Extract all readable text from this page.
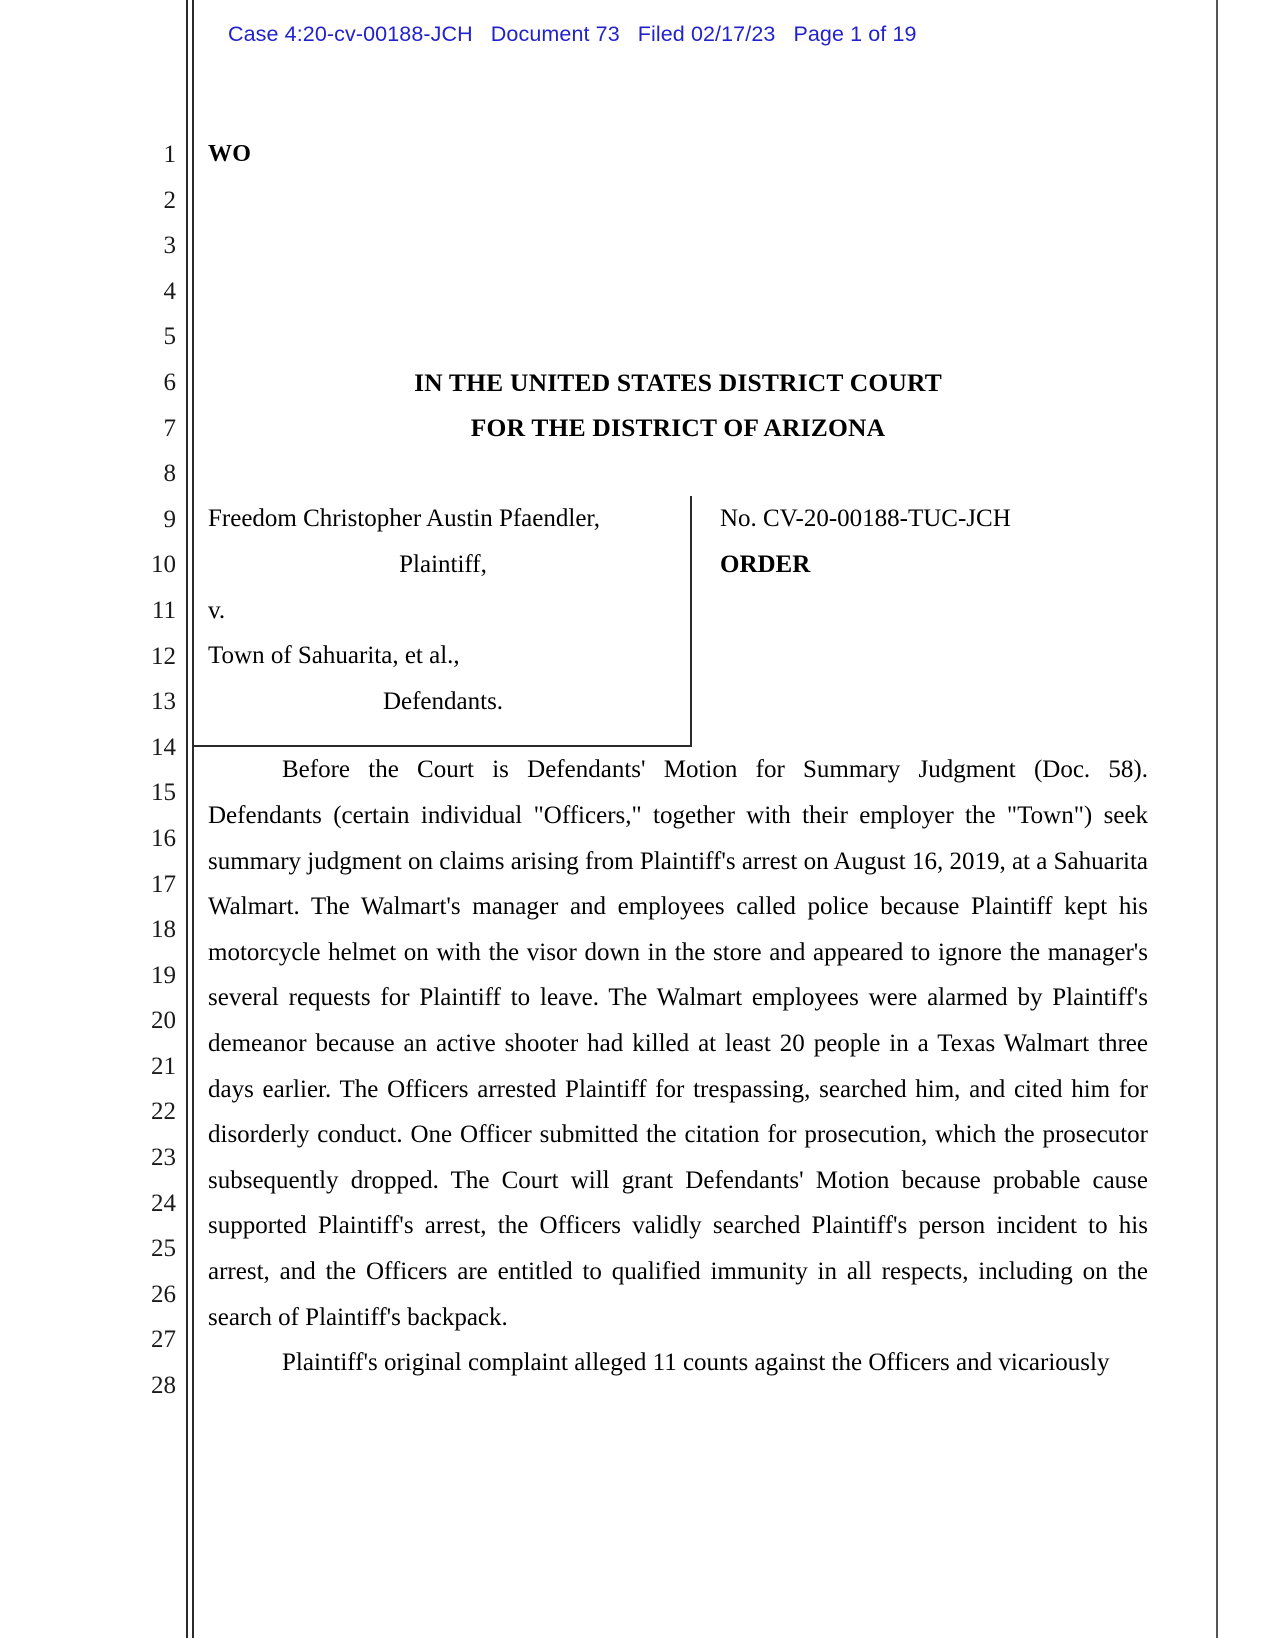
Case 4:20-cv-00188-JCH Document 73 Filed 02/17/23 Page 1 of 19
1
2
3
4
5
6
7
8
9
10
11
12
13
14
15
16
17
18
19
20
21
22
23
24
25
26
27
28
WO
IN THE UNITED STATES DISTRICT COURT
FOR THE DISTRICT OF ARIZONA
Freedom Christopher Austin Pfaendler,
Plaintiff,
v.
Town of Sahuarita, et al.,
Defendants.
No. CV-20-00188-TUC-JCH
ORDER

Before the Court is Defendants' Motion for Summary Judgment (Doc. 58). Defendants (certain individual "Officers," together with their employer the "Town") seek summary judgment on claims arising from Plaintiff's arrest on August 16, 2019, at a Sahuarita Walmart. The Walmart's manager and employees called police because Plaintiff kept his motorcycle helmet on with the visor down in the store and appeared to ignore the manager's several requests for Plaintiff to leave. The Walmart employees were alarmed by Plaintiff's demeanor because an active shooter had killed at least 20 people in a Texas Walmart three days earlier. The Officers arrested Plaintiff for trespassing, searched him, and cited him for disorderly conduct. One Officer submitted the citation for prosecution, which the prosecutor subsequently dropped. The Court will grant Defendants' Motion because probable cause supported Plaintiff's arrest, the Officers validly searched Plaintiff's person incident to his arrest, and the Officers are entitled to qualified immunity in all respects, including on the search of Plaintiff's backpack.

Plaintiff's original complaint alleged 11 counts against the Officers and vicariously
